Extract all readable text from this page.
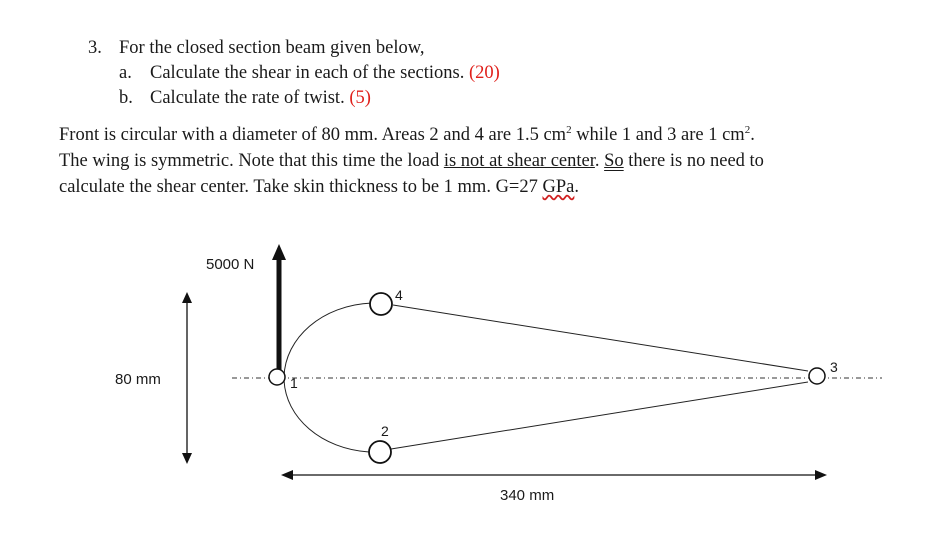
3. For the closed section beam given below,
a. Calculate the shear in each of the sections. (20)
b. Calculate the rate of twist. (5)
Front is circular with a diameter of 80 mm. Areas 2 and 4 are 1.5 $cm^2$ while 1 and 3 are 1 $cm^2$.
The wing is symmetric. Note that this time the load is not at shear center. So there is no need to
calculate the shear center. Take skin thickness to be 1 mm. G=27 GPa.
5000 N
80 mm
340 mm
1
2
3
4
